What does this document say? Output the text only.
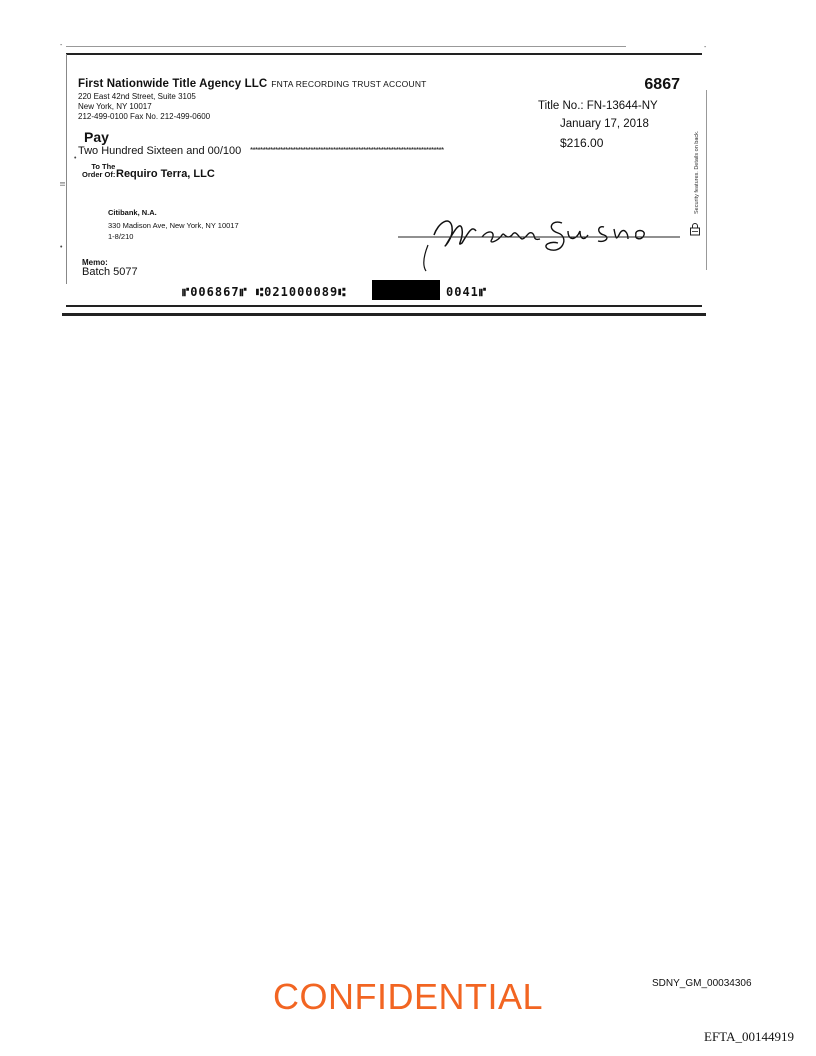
-	-
•
•
First Nationwide Title Agency LLC FNTA RECORDING TRUST ACCOUNT
220 East 42nd Street, Suite 3105
New York, NY 10017
212-499-0100 Fax No. 212-499-0600
6867
Title No.: FN-13644-NY
January 17, 2018
$216.00
Pay
Two Hundred Sixteen and 00/100 *****************************************************************************
To The
Order Of: Requiro Terra, LLC
Citibank, N.A.
330 Madison Ave, New York, NY 10017
1-8/210
Security features. Details on back.
|||
Memo:
Batch 5077
⑈006867⑈ ⑆021000089⑆	0041⑈
CONFIDENTIAL	SDNY_GM_00034306
EFTA_00144919
